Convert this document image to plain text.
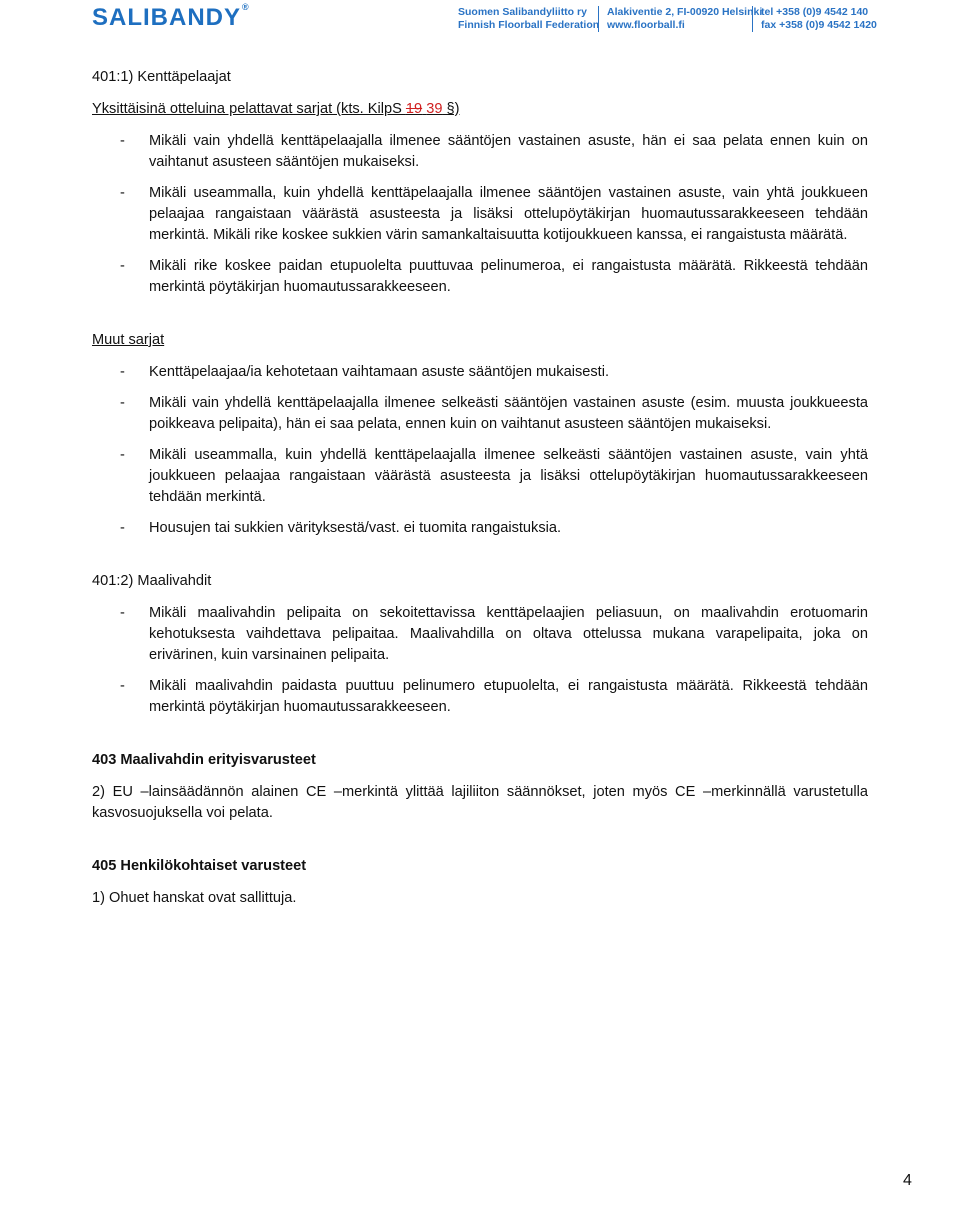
SALIBANDY®	Suomen Salibandyliitto ry
Finnish Floorball Federation
Alakiventie 2, FI-00920 Helsinki
www.floorball.fi
tel +358 (0)9 4542 140
fax +358 (0)9 4542 1420

401:1) Kenttäpelaajat

Yksittäisinä otteluina pelattavat sarjat (kts. KilpS 19 39 §)

- Mikäli vain yhdellä kenttäpelaajalla ilmenee sääntöjen vastainen asuste, hän ei saa pelata ennen kuin on vaihtanut asusteen sääntöjen mukaiseksi.
- Mikäli useammalla, kuin yhdellä kenttäpelaajalla ilmenee sääntöjen vastainen asuste, vain yhtä joukkueen pelaajaa rangaistaan väärästä asusteesta ja lisäksi ottelupöytäkirjan huomautussarakkeeseen tehdään merkintä. Mikäli rike koskee sukkien värin samankaltaisuutta kotijoukkueen kanssa, ei rangaistusta määrätä.
- Mikäli rike koskee paidan etupuolelta puuttuvaa pelinumeroa, ei rangaistusta määrätä. Rikkeestä tehdään merkintä pöytäkirjan huomautussarakkeeseen.

Muut sarjat

- Kenttäpelaajaa/ia kehotetaan vaihtamaan asuste sääntöjen mukaisesti.
- Mikäli vain yhdellä kenttäpelaajalla ilmenee selkeästi sääntöjen vastainen asuste (esim. muusta joukkueesta poikkeava pelipaita), hän ei saa pelata, ennen kuin on vaihtanut asusteen sääntöjen mukaiseksi.
- Mikäli useammalla, kuin yhdellä kenttäpelaajalla ilmenee selkeästi sääntöjen vastainen asuste, vain yhtä joukkueen pelaajaa rangaistaan väärästä asusteesta ja lisäksi ottelupöytäkirjan huomautussarakkeeseen tehdään merkintä.
- Housujen tai sukkien värityksestä/vast. ei tuomita rangaistuksia.

401:2) Maalivahdit

- Mikäli maalivahdin pelipaita on sekoitettavissa kenttäpelaajien peliasuun, on maalivahdin erotuomarin kehotuksesta vaihdettava pelipaitaa. Maalivahdilla on oltava ottelussa mukana varapelipaita, joka on erivärinen, kuin varsinainen pelipaita.
- Mikäli maalivahdin paidasta puuttuu pelinumero etupuolelta, ei rangaistusta määrätä. Rikkeestä tehdään merkintä pöytäkirjan huomautussarakkeeseen.

403 Maalivahdin erityisvarusteet

2) EU –lainsäädännön alainen CE –merkintä ylittää lajiliiton säännökset, joten myös CE –merkinnällä varustetulla kasvosuojuksella voi pelata.

405 Henkilökohtaiset varusteet

1) Ohuet hanskat ovat sallittuja.

4
